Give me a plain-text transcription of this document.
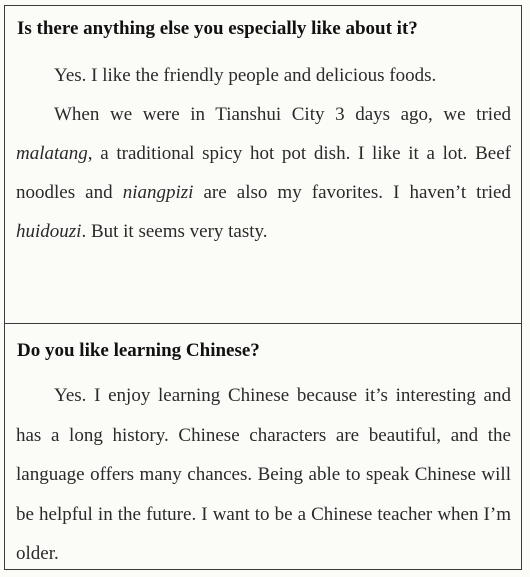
Is there anything else you especially like about it?

Yes. I like the friendly people and delicious foods.

When we were in Tianshui City 3 days ago, we tried malatang, a traditional spicy hot pot dish. I like it a lot. Beef noodles and niangpizi are also my favorites. I haven’t tried huidouzi. But it seems very tasty.

Do you like learning Chinese?

Yes. I enjoy learning Chinese because it’s interesting and has a long history. Chinese characters are beautiful, and the language offers many chances. Being able to speak Chinese will be helpful in the future. I want to be a Chinese teacher when I’m older.
